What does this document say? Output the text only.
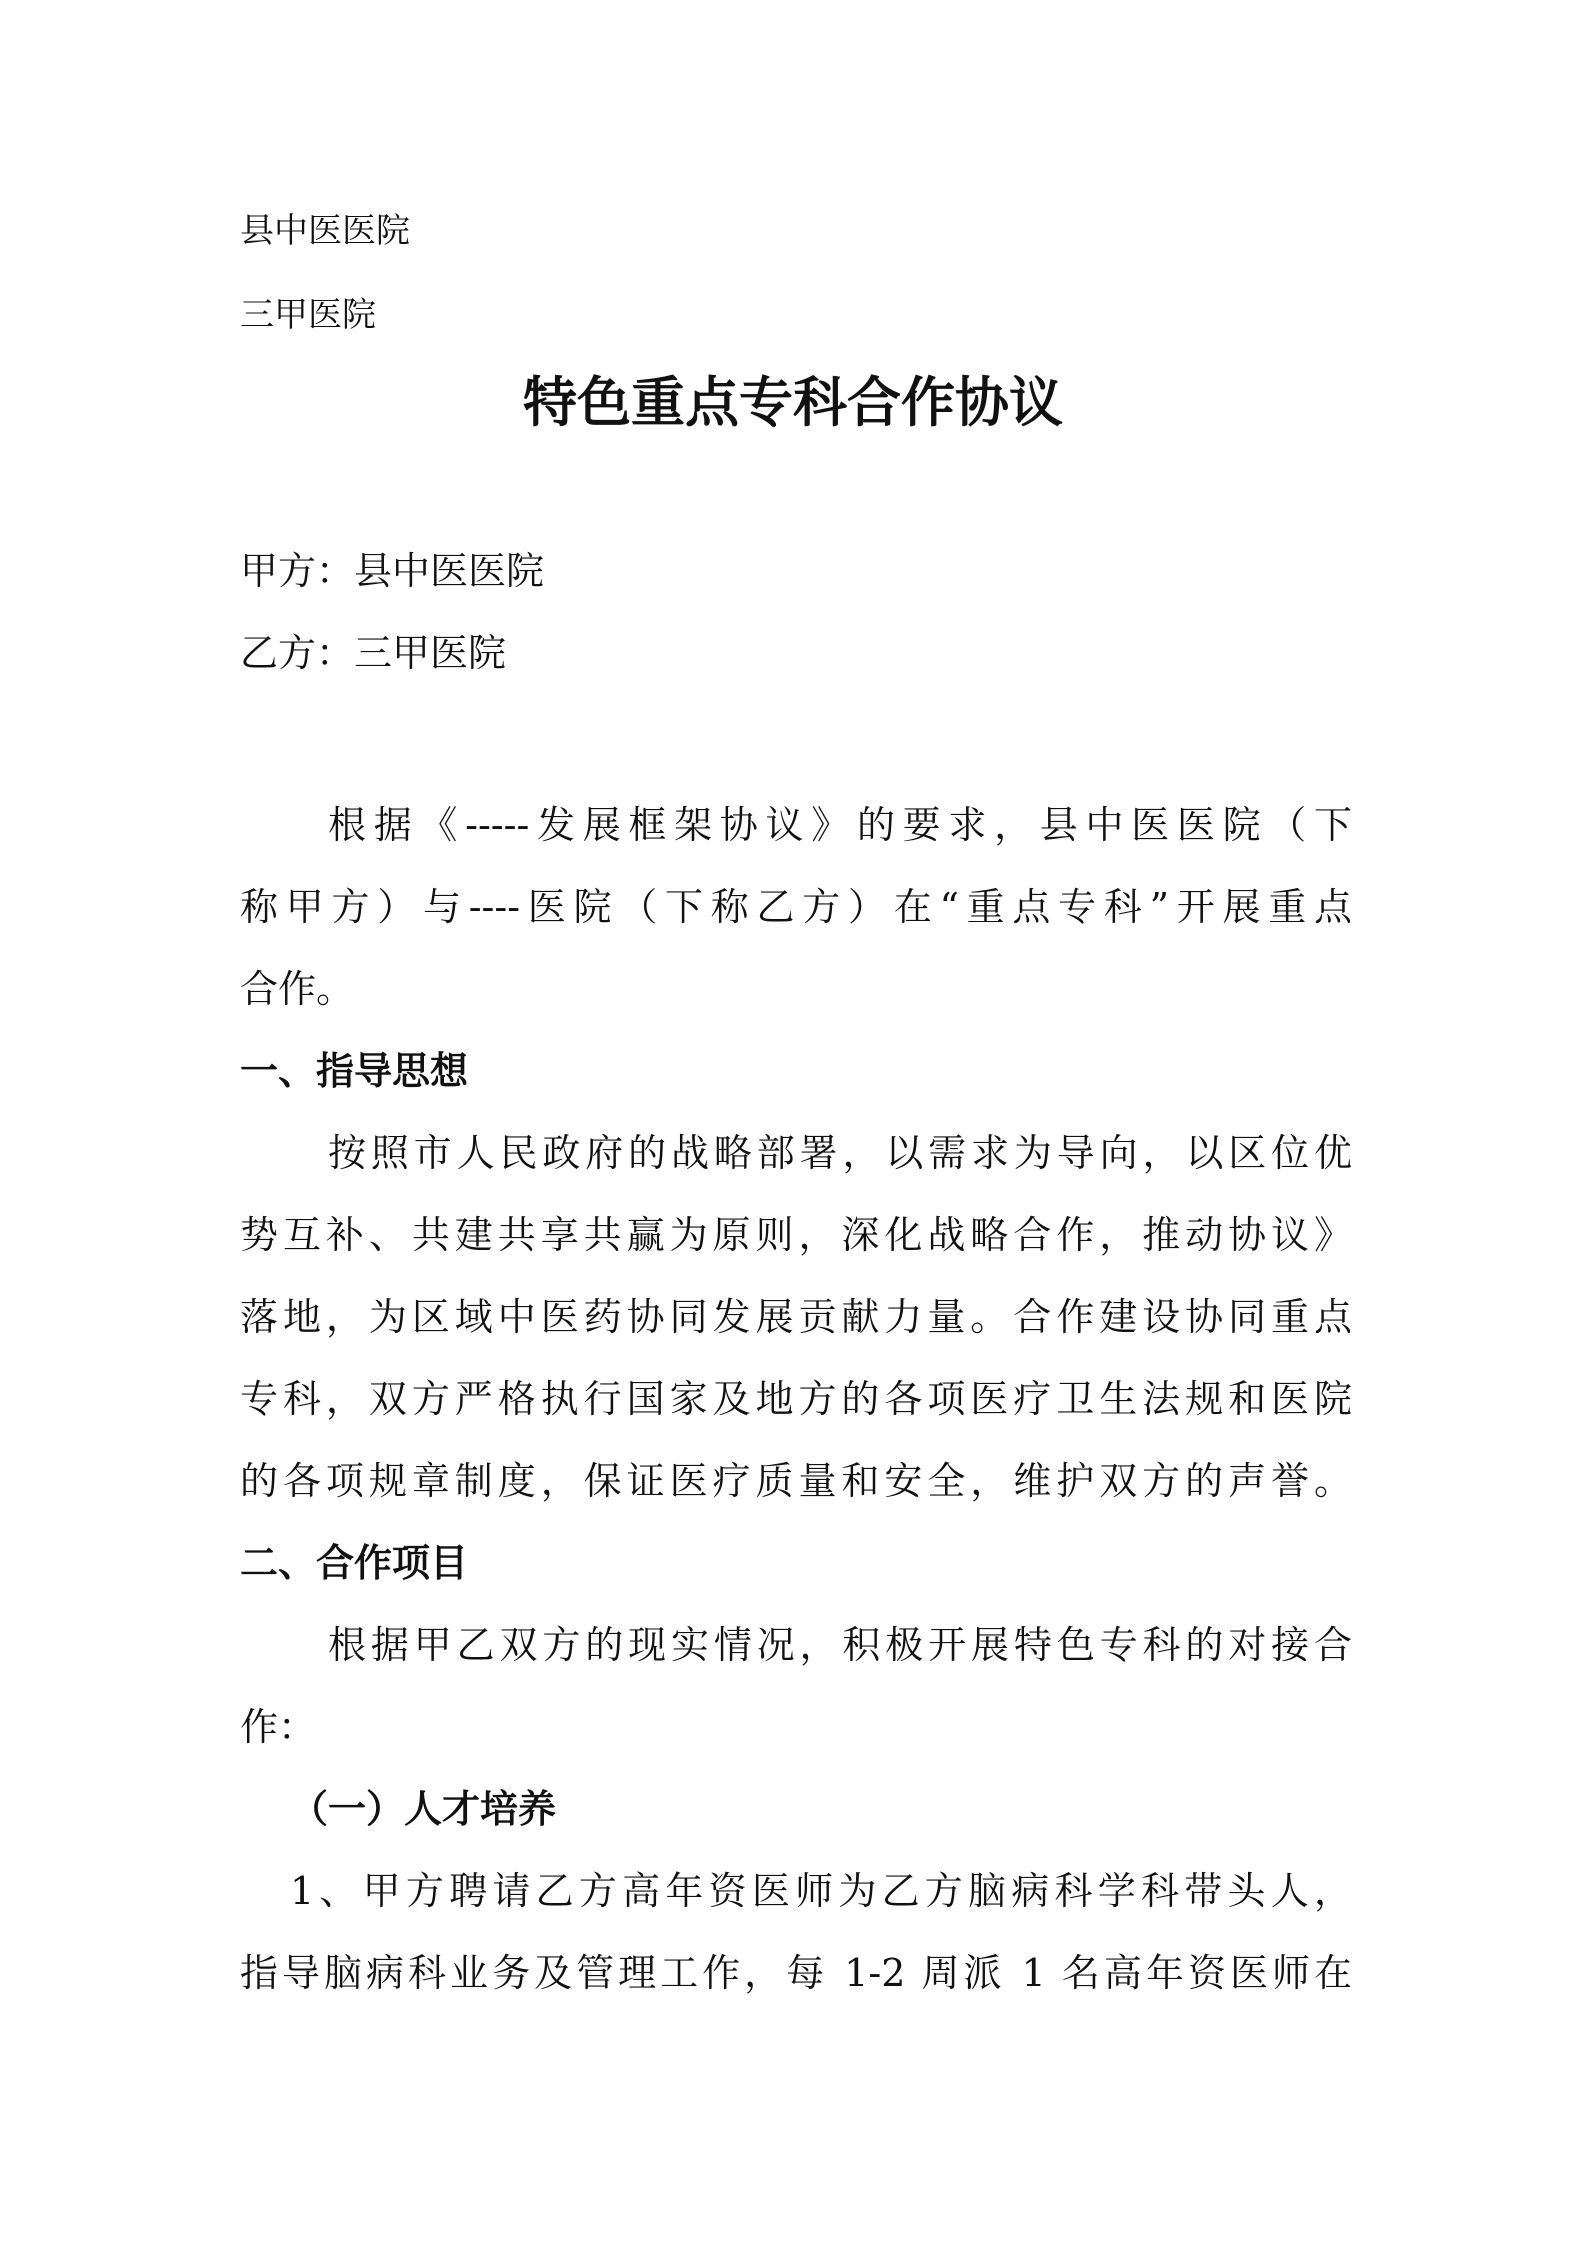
县中医医院

三甲医院

特色重点专科合作协议

甲方：县中医医院

乙方：三甲医院

根据《-----发展框架协议》的要求，县中医医院（下

称甲方）与----医院（下称乙方）在“重点专科”开展重点

合作。

一、指导思想

按照市人民政府的战略部署，以需求为导向，以区位优

势互补、共建共享共赢为原则，深化战略合作，推动协议》

落地，为区域中医药协同发展贡献力量。合作建设协同重点

专科，双方严格执行国家及地方的各项医疗卫生法规和医院

的各项规章制度，保证医疗质量和安全，维护双方的声誉。

二、合作项目

根据甲乙双方的现实情况，积极开展特色专科的对接合

作：

（一）人才培养

1、甲方聘请乙方高年资医师为乙方脑病科学科带头人，

指导脑病科业务及管理工作，每 1-2 周派 1 名高年资医师在
